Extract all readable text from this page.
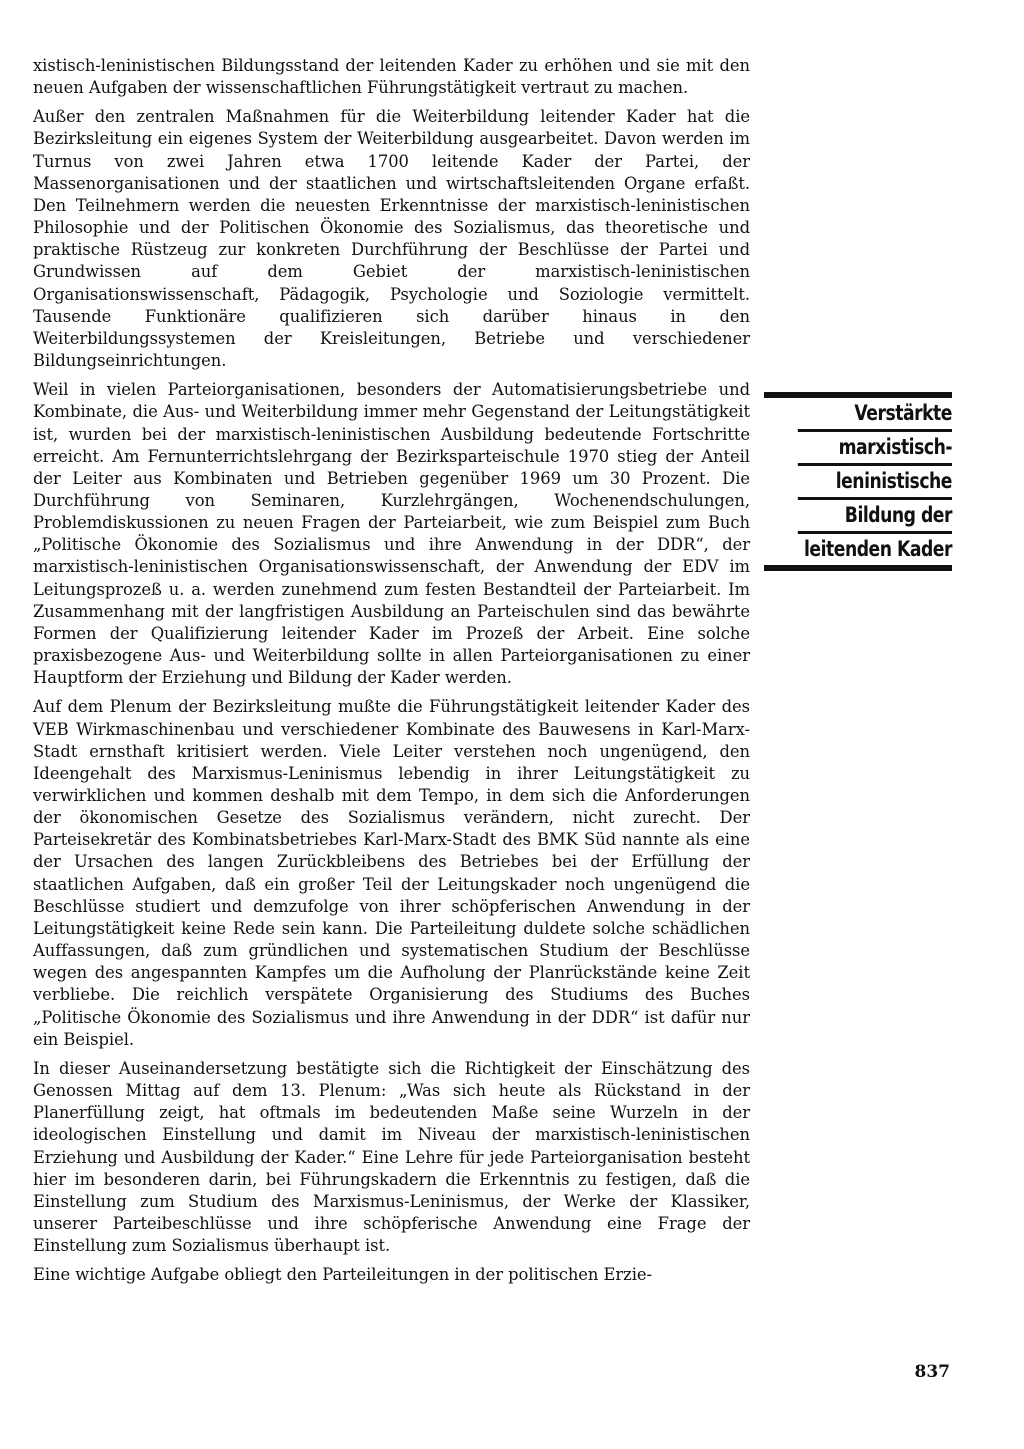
xistisch-leninistischen Bildungsstand der leitenden Kader zu erhöhen und sie mit den neuen Aufgaben der wissenschaftlichen Führungstätigkeit vertraut zu machen.

Außer den zentralen Maßnahmen für die Weiterbildung leitender Kader hat die Bezirksleitung ein eigenes System der Weiterbildung ausgearbeitet. Davon werden im Turnus von zwei Jahren etwa 1700 leitende Kader der Partei, der Massenorganisationen und der staatlichen und wirtschaftsleitenden Organe erfaßt. Den Teilnehmern werden die neuesten Erkenntnisse der marxistisch-leninistischen Philosophie und der Politischen Ökonomie des Sozialismus, das theoretische und praktische Rüstzeug zur konkreten Durchführung der Beschlüsse der Partei und Grundwissen auf dem Gebiet der marxistisch-leninistischen Organisationswissenschaft, Pädagogik, Psychologie und Soziologie vermittelt. Tausende Funktionäre qualifizieren sich darüber hinaus in den Weiterbildungssystemen der Kreisleitungen, Betriebe und verschiedener Bildungseinrichtungen.

Weil in vielen Parteiorganisationen, besonders der Automatisierungsbetriebe und Kombinate, die Aus- und Weiterbildung immer mehr Gegenstand der Leitungstätigkeit ist, wurden bei der marxistisch-leninistischen Ausbildung bedeutende Fortschritte erreicht. Am Fernunterrichtslehrgang der Bezirksparteischule 1970 stieg der Anteil der Leiter aus Kombinaten und Betrieben gegenüber 1969 um 30 Prozent. Die Durchführung von Seminaren, Kurzlehrgängen, Wochenendschulungen, Problemdiskussionen zu neuen Fragen der Parteiarbeit, wie zum Beispiel zum Buch „Politische Ökonomie des Sozialismus und ihre Anwendung in der DDR“, der marxistisch-leninistischen Organisationswissenschaft, der Anwendung der EDV im Leitungsprozeß u. a. werden zunehmend zum festen Bestandteil der Parteiarbeit. Im Zusammenhang mit der langfristigen Ausbildung an Parteischulen sind das bewährte Formen der Qualifizierung leitender Kader im Prozeß der Arbeit. Eine solche praxisbezogene Aus- und Weiterbildung sollte in allen Parteiorganisationen zu einer Hauptform der Erziehung und Bildung der Kader werden.

Auf dem Plenum der Bezirksleitung mußte die Führungstätigkeit leitender Kader des VEB Wirkmaschinenbau und verschiedener Kombinate des Bauwesens in Karl-Marx-Stadt ernsthaft kritisiert werden. Viele Leiter verstehen noch ungenügend, den Ideengehalt des Marxismus-Leninismus lebendig in ihrer Leitungstätigkeit zu verwirklichen und kommen deshalb mit dem Tempo, in dem sich die Anforderungen der ökonomischen Gesetze des Sozialismus verändern, nicht zurecht. Der Parteisekretär des Kombinatsbetriebes Karl-Marx-Stadt des BMK Süd nannte als eine der Ursachen des langen Zurückbleibens des Betriebes bei der Erfüllung der staatlichen Aufgaben, daß ein großer Teil der Leitungskader noch ungenügend die Beschlüsse studiert und demzufolge von ihrer schöpferischen Anwendung in der Leitungstätigkeit keine Rede sein kann. Die Parteileitung duldete solche schädlichen Auffassungen, daß zum gründlichen und systematischen Studium der Beschlüsse wegen des angespannten Kampfes um die Aufholung der Planrückstände keine Zeit verbliebe. Die reichlich verspätete Organisierung des Studiums des Buches „Politische Ökonomie des Sozialismus und ihre Anwendung in der DDR“ ist dafür nur ein Beispiel.

In dieser Auseinandersetzung bestätigte sich die Richtigkeit der Einschätzung des Genossen Mittag auf dem 13. Plenum: „Was sich heute als Rückstand in der Planerfüllung zeigt, hat oftmals im bedeutenden Maße seine Wurzeln in der ideologischen Einstellung und damit im Niveau der marxistisch-leninistischen Erziehung und Ausbildung der Kader.“ Eine Lehre für jede Parteiorganisation besteht hier im besonderen darin, bei Führungskadern die Erkenntnis zu festigen, daß die Einstellung zum Studium des Marxismus-Leninismus, der Werke der Klassiker, unserer Parteibeschlüsse und ihre schöpferische Anwendung eine Frage der Einstellung zum Sozialismus überhaupt ist.

Eine wichtige Aufgabe obliegt den Parteileitungen in der politischen Erzie-

Verstärkte
marxistisch-
leninistische
Bildung der
leitenden Kader
837
